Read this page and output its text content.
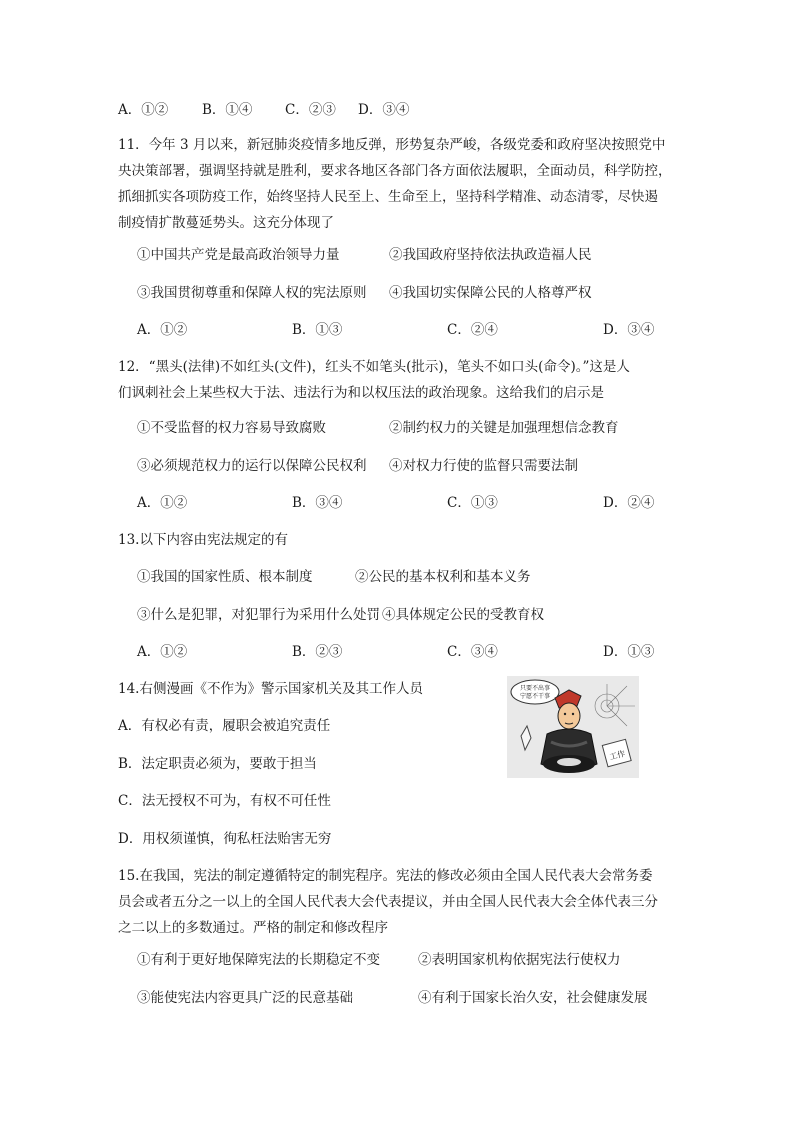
A．①②	B．①④ C．②③ D．③④
11．今年 3 月以来，新冠肺炎疫情多地反弹，形势复杂严峻，各级党委和政府坚决按照党中
央决策部署，强调坚持就是胜利，要求各地区各部门各方面依法履职，全面动员，科学防控，
抓细抓实各项防疫工作，始终坚持人民至上、生命至上，坚持科学精准、动态清零，尽快遏
制疫情扩散蔓延势头。这充分体现了
①中国共产党是最高政治领导力量	②我国政府坚持依法执政造福人民
③我国贯彻尊重和保障人权的宪法原则 ④我国切实保障公民的人格尊严权
A．①②	B．①③	C．②④	D．③④
12．“黑头(法律)不如红头(文件)，红头不如笔头(批示)，笔头不如口头(命令)。”这是人
们讽刺社会上某些权大于法、违法行为和以权压法的政治现象。这给我们的启示是
①不受监督的权力容易导致腐败	②制约权力的关键是加强理想信念教育
③必须规范权力的运行以保障公民权利 ④对权力行使的监督只需要法制
A．①②	B．③④	C．①③	D．②④
13.以下内容由宪法规定的有
①我国的国家性质、根本制度	②公民的基本权利和基本义务
③什么是犯罪，对犯罪行为采用什么处罚 ④具体规定公民的受教育权
A．①②	B．②③	C．③④	D．①③
14.右侧漫画《不作为》警示国家机关及其工作人员
A．有权必有责，履职会被追究责任
B．法定职责必须为，要敢于担当
C．法无授权不可为，有权不可任性
D．用权须谨慎，徇私枉法贻害无穷
只要不出事
宁愿不干事
工作
15.在我国，宪法的制定遵循特定的制宪程序。宪法的修改必须由全国人民代表大会常务委
员会或者五分之一以上的全国人民代表大会代表提议，并由全国人民代表大会全体代表三分
之二以上的多数通过。严格的制定和修改程序
①有利于更好地保障宪法的长期稳定不变	②表明国家机构依据宪法行使权力
③能使宪法内容更具广泛的民意基础	④有利于国家长治久安，社会健康发展
